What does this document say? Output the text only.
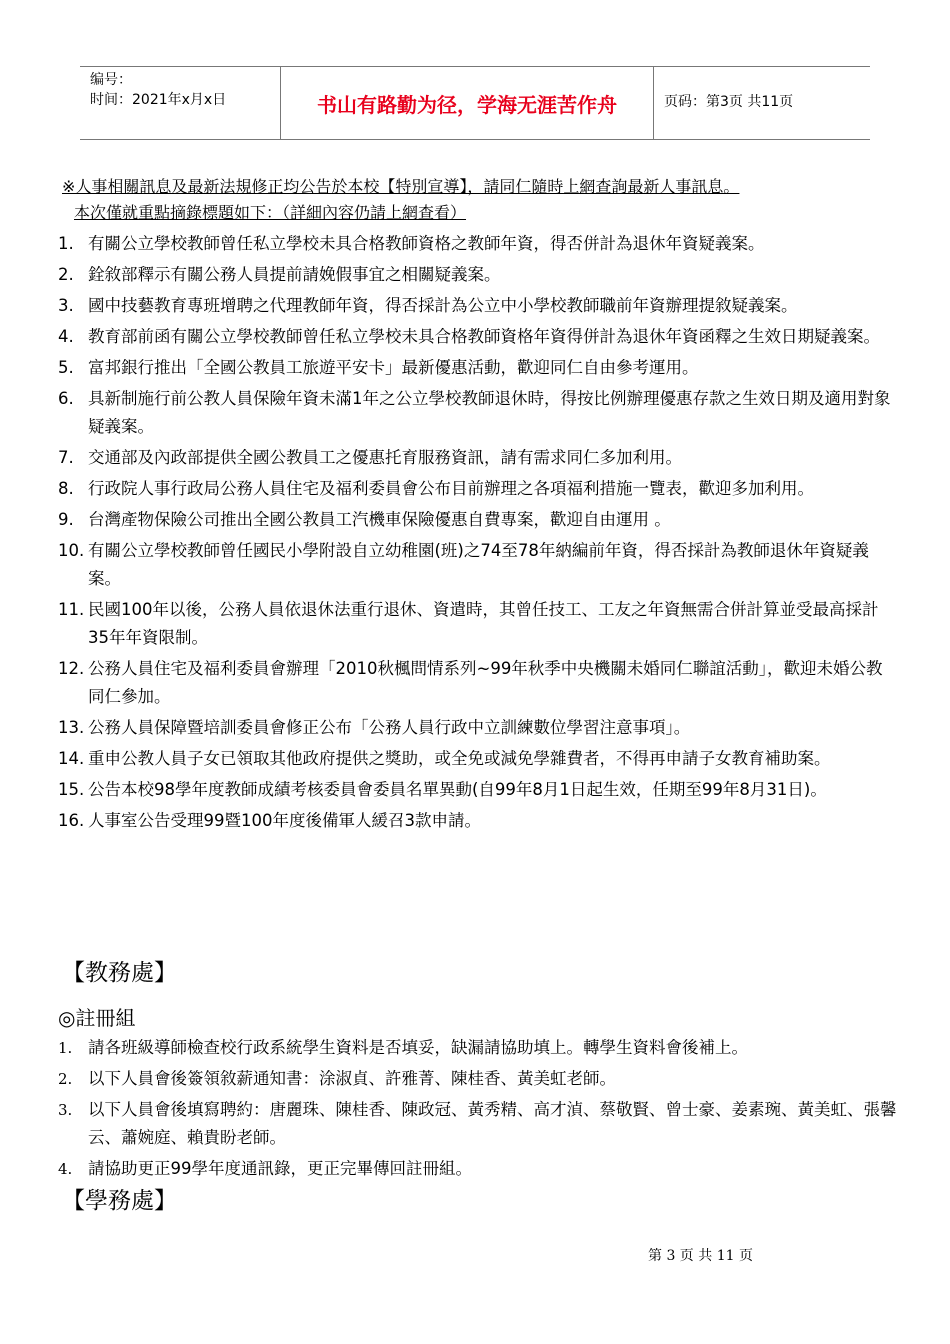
编号：
时间：2021年x月x日	书山有路勤为径，学海无涯苦作舟	页码：第3页 共11页
※人事相關訊息及最新法規修正均公告於本校【特別宣導】，請同仁隨時上網查詢最新人事訊息。
本次僅就重點摘錄標題如下：（詳細內容仍請上網查看）
1. 有關公立學校教師曾任私立學校未具合格教師資格之教師年資，得否併計為退休年資疑義案。
2. 銓敘部釋示有關公務人員提前請娩假事宜之相關疑義案。
3. 國中技藝教育專班增聘之代理教師年資，得否採計為公立中小學校教師職前年資辦理提敘疑義案。
4. 教育部前函有關公立學校教師曾任私立學校未具合格教師資格年資得併計為退休年資函釋之生效日期疑義案。
5. 富邦銀行推出「全國公教員工旅遊平安卡」最新優惠活動，歡迎同仁自由參考運用。
6. 具新制施行前公教人員保險年資未滿1年之公立學校教師退休時，得按比例辦理優惠存款之生效日期及適用對象疑義案。
7. 交通部及內政部提供全國公教員工之優惠托育服務資訊，請有需求同仁多加利用。
8. 行政院人事行政局公務人員住宅及福利委員會公布目前辦理之各項福利措施一覽表，歡迎多加利用。
9. 台灣產物保險公司推出全國公教員工汽機車保險優惠自費專案，歡迎自由運用 。
10. 有關公立學校教師曾任國民小學附設自立幼稚園(班)之74至78年納編前年資，得否採計為教師退休年資疑義案。
11. 民國100年以後，公務人員依退休法重行退休、資遣時，其曾任技工、工友之年資無需合併計算並受最高採計35年年資限制。
12. 公務人員住宅及福利委員會辦理「2010秋楓問情系列~99年秋季中央機關未婚同仁聯誼活動」，歡迎未婚公教同仁參加。
13. 公務人員保障暨培訓委員會修正公布「公務人員行政中立訓練數位學習注意事項」。
14. 重申公教人員子女已領取其他政府提供之獎助，或全免或減免學雜費者，不得再申請子女教育補助案。
15. 公告本校98學年度教師成績考核委員會委員名單異動(自99年8月1日起生效，任期至99年8月31日)。
16. 人事室公告受理99暨100年度後備軍人緩召3款申請。
【教務處】
◎註冊組
1. 請各班級導師檢查校行政系統學生資料是否填妥，缺漏請協助填上。轉學生資料會後補上。
2. 以下人員會後簽領敘薪通知書：涂淑貞、許雅菁、陳桂香、黃美虹老師。
3. 以下人員會後填寫聘約：唐麗珠、陳桂香、陳政冠、黃秀精、高才湞、蔡敬賢、曾士豪、姜素琬、黃美虹、張馨云、蕭婉庭、賴貴盼老師。
4. 請協助更正99學年度通訊錄，更正完畢傳回註冊組。
【學務處】
第 3 页 共 11 页
